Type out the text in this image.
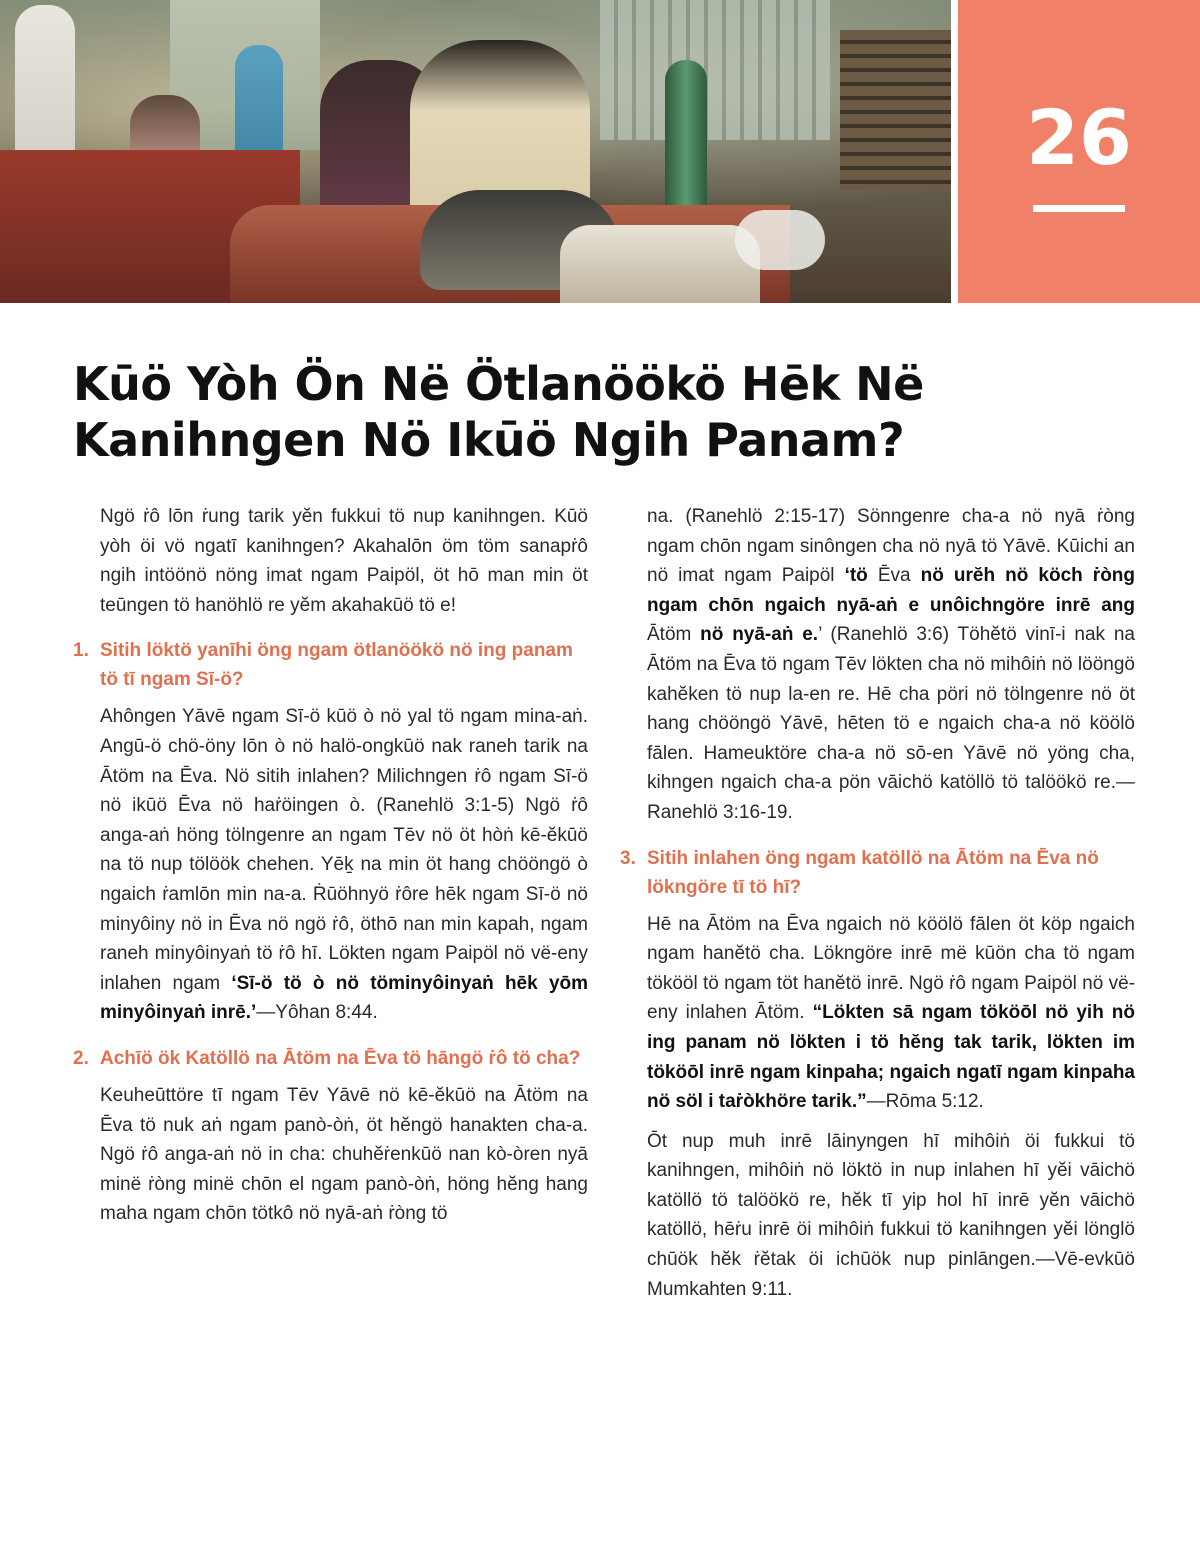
26
Kūö Yòh Ön Në Ötlanöökö Hēk Në
Kanihngen Nö Ikūö Ngih Panam?

Ngö ṙô lōn ṙung tarik yĕn fukkui tö nup kanihngen. Kūö yòh öi vö ngatī kanihngen? Akahalōn öm töm sanapṙô ngih intöönö nöng imat ngam Paipöl, öt hō man min öt teūngen tö hanöhlö re yĕm akahakūö tö e!

1. Sitih löktö yanīhi öng ngam ötlanöökö nö ing panam tö tī ngam Sī-ö?

Ahôngen Yāvē ngam Sī-ö kūö ò nö yal tö ngam mina-aṅ. Angū-ö chö-öny lōn ò nö halö-ongkūö nak raneh tarik na Ātöm na Ēva. Nö sitih inlahen? Milichngen ṙô ngam Sī-ö nö ikūö Ēva nö haṙöingen ò. (Ranehlö 3:1-5) Ngö ṙô anga-aṅ höng tölngenre an ngam Tēv nö öt hòṅ kē-ĕkūö na tö nup tölöök chehen. Yēḵ na min öt hang chööngö ò ngaich ṙamlōn min na-a. Ṙūöhnyö ṙôre hēk ngam Sī-ö nö minyôiny nö in Ēva nö ngö ṙô, öthō nan min kapah, ngam raneh minyôinyaṅ tö ṙô hī. Lökten ngam Paipöl nö vë-eny inlahen ngam ‘Sī-ö tö ò nö töminyôinyaṅ hēk yōm minyôinyaṅ inrē.’—Yôhan 8:44.

2. Achīö ök Katöllö na Ātöm na Ēva tö hāngö ṙô tö cha?

Keuheūttöre tī ngam Tēv Yāvē nö kē-ĕkūö na Ātöm na Ēva tö nuk aṅ ngam panò-òṅ, öt hĕngö hanakten cha-a. Ngö ṙô anga-aṅ nö in cha: chuhĕṙenkūö nan kò-òren nyā minë ṙòng minë chōn el ngam panò-òṅ, höng hĕng hang maha ngam chōn tötkô nö nyā-aṅ ṙòng tö

na. (Ranehlö 2:15-17) Sönngenre cha-a nö nyā ṙòng ngam chōn ngam sinôngen cha nö nyā tö Yāvē. Kūichi an nö imat ngam Paipöl ‘tö Ēva nö urĕh nö köch ṙòng ngam chōn ngaich nyā-aṅ e unôichngöre inrē ang Ātöm nö nyā-aṅ e.’ (Ranehlö 3:6) Töhĕtö vinī-i nak na Ātöm na Ēva tö ngam Tēv lökten cha nö mihôiṅ nö lööngö kahĕken tö nup la-en re. Hē cha pöri nö tölngenre nö öt hang chööngö Yāvē, hēten tö e ngaich cha-a nö köölö fālen. Hameuktöre cha-a nö sō-en Yāvē nö yöng cha, kihngen ngaich cha-a pön vāichö katöllö tö talöökö re.— Ranehlö 3:16-19.

3. Sitih inlahen öng ngam katöllö na Ātöm na Ēva nö lökngöre tī tö hī?

Hē na Ātöm na Ēva ngaich nö köölö fālen öt köp ngaich ngam hanĕtö cha. Lökngöre inrē më kūön cha tö ngam tökööl tö ngam töt hanĕtö inrē. Ngö ṙô ngam Paipöl nö vë-eny inlahen Ātöm. “Lökten sā ngam tököōl nö yih nö ing panam nö lökten i tö hĕng tak tarik, lökten im tököōl inrē ngam kinpaha; ngaich ngatī ngam kinpaha nö söl i taṙòkhöre tarik.”—Rōma 5:12.

Ōt nup muh inrē lāinyngen hī mihôiṅ öi fukkui tö kanihngen, mihôiṅ nö löktö in nup inlahen hī yĕi vāichö katöllö tö talöökö re, hĕk tī yip hol hī inrē yĕn vāichö katöllö, hēṙu inrē öi mihôiṅ fukkui tö kanihngen yĕi lönglö chūök hĕk ṙĕtak öi ichūök nup pinlāngen.—Vē-evkūö Mumkahten 9:11.
